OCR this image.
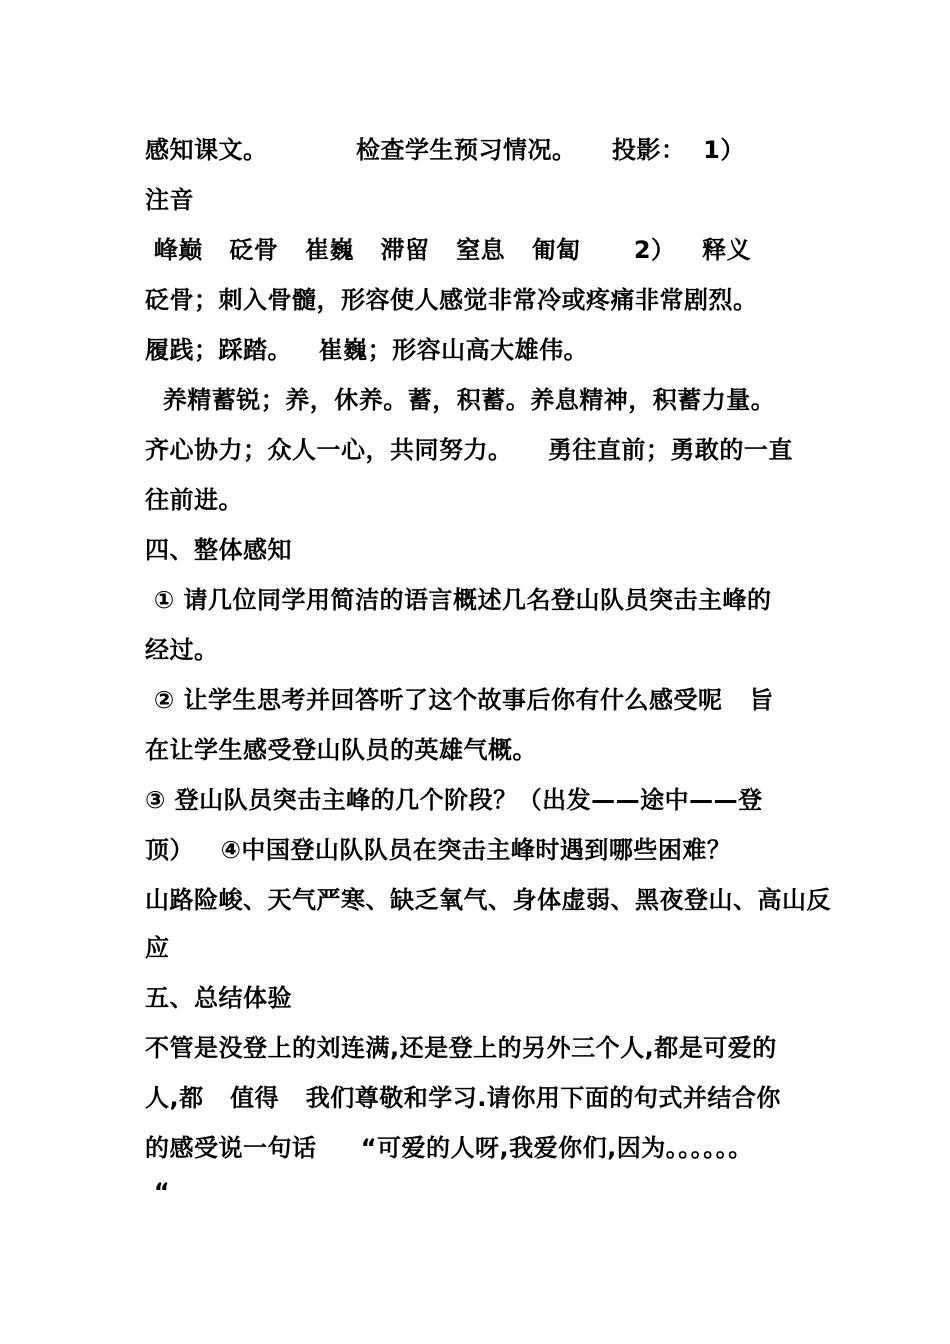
感知课文。          检查学生预习情况。    投影：  1）
注音
峰巅   砭骨   崔巍   滞留   窒息   匍匐      2）   释义
砭骨；刺入骨髓，形容使人感觉非常冷或疼痛非常剧烈。
履践；踩踏。   崔巍；形容山高大雄伟。
养精蓄锐；养，休养。蓄，积蓄。养息精神，积蓄力量。
齐心协力；众人一心，共同努力。    勇往直前；勇敢的一直
往前进。
四、整体感知
① 请几位同学用简洁的语言概述几名登山队员突击主峰的
经过。
② 让学生思考并回答听了这个故事后你有什么感受呢   旨
在让学生感受登山队员的英雄气概。
③ 登山队员突击主峰的几个阶段？（出发——途中——登
顶）   ④中国登山队队员在突击主峰时遇到哪些困难？
山路险峻、天气严寒、缺乏氧气、身体虚弱、黑夜登山、高山反
应
五、总结体验
不管是没登上的刘连满,还是登上的另外三个人,都是可爱的
人,都   值得   我们尊敬和学习.请你用下面的句式并结合你
的感受说一句话     “可爱的人呀,我爱你们,因为。。。。。。
“
